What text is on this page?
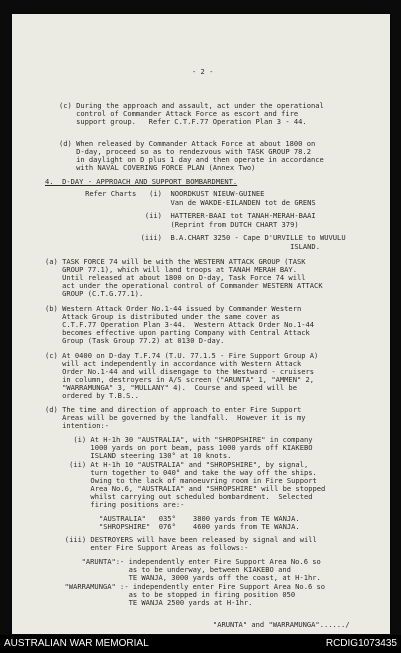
- 2 -
(c) During the approach and assault, act under the operational
control of Commander Attack Force as escort and fire
support group.   Refer C.T.F.77 Operation Plan 3 - 44.
(d) When released by Commander Attack Force at about 1800 on
D-day, proceed so as to rendezvous with TASK GROUP 78.2
in daylight on D plus 1 day and then operate in accordance
with NAVAL COVERING FORCE PLAN (Annex Two)
4.  D-DAY - APPROACH AND SUPPORT BOMBARDMENT.
Refer Charts   (i)  NOORDKUST NIEUW-GUINEE
Van de WAKDE-EILANDEN tot de GRENS
(ii)  HATTERER-BAAI tot TANAH-MERAH-BAAI
(Reprint from DUTCH CHART 379)
(iii)  B.A.CHART 3250 - Cape D'URVILLE to WUVULU
ISLAND.
(a) TASK FORCE 74 will be with the WESTERN ATTACK GROUP (TASK
GROUP 77.1), which will land troops at TANAH MERAH BAY.
Until released at about 1800 on D-day, Task Force 74 will
act under the operational control of Commander WESTERN ATTACK
GROUP (C.T.G.77.1).
(b) Western Attack Order No.1-44 issued by Commander Western
Attack Group is distributed under the same cover as
C.T.F.77 Operation Plan 3-44.  Western Attack Order No.1-44
becomes effective upon parting Company with Central Attack
Group (Task Group 77.2) at 0130 D-day.
(c) At 0400 on D-day T.F.74 (T.U. 77.1.5 - Fire Support Group A)
will act independently in accordance with Western Attack
Order No.1-44 and will disengage to the Westward - cruisers
in column, destroyers in A/S screen ("ARUNTA" 1, "AMMEN" 2,
"WARRAMUNGA" 3, "MULLANY" 4).  Course and speed will be
ordered by T.B.S..
(d) The time and direction of approach to enter Fire Support
Areas will be governed by the landfall.  However it is my
intention:-
(i) At H-1h 30 "AUSTRALIA", with "SHROPSHIRE" in company
1000 yards on port beam, pass 1000 yards off KIAKEBO
ISLAND steering 130° at 10 knots.
(ii) At H-1h 10 "AUSTRALIA" and "SHROPSHIRE", by signal,
turn together to 040° and take the way off the ships.
Owing to the lack of manoeuvring room in Fire Support
Area No.6, "AUSTRALIA" and "SHROPSHIRE" will be stopped
whilst carrying out scheduled bombardment.  Selected
firing positions are:-
"AUSTRALIA"   035°    3800 yards from TE WANJA.
"SHROPSHIRE"  076°    4600 yards from TE WANJA.
(iii) DESTROYERS will have been released by signal and will
enter Fire Support Areas as follows:-
"ARUNTA":- independently enter Fire Support Area No.6 so
as to be underway, between KIAKEBO and
TE WANJA, 3000 yards off the coast, at H-1hr.
"WARRAMUNGA" :- independently enter Fire Support Area No.6 so
as to be stopped in firing position 050
TE WANJA 2500 yards at H-1hr.
"ARUNTA" and "WARRAMUNGA"....../
AUSTRALIAN WAR MEMORIAL	RCDIG1073435
